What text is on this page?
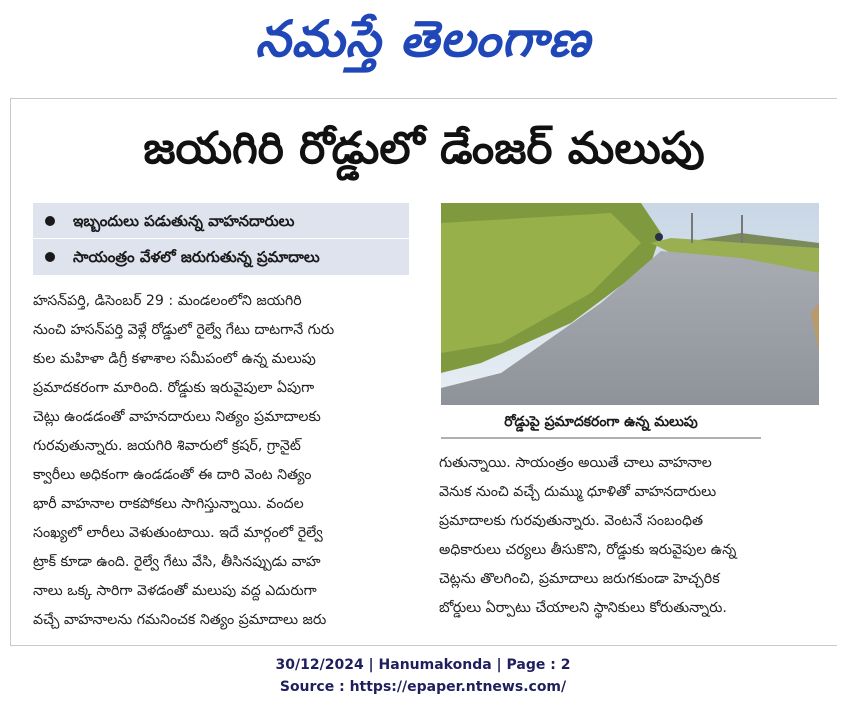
నమస్తే తెలంగాణ
జయగిరి రోడ్డులో డేంజర్ మలుపు
ఇబ్బందులు పడుతున్న వాహనదారులు
సాయంత్రం వేళలో జరుగుతున్న ప్రమాదాలు
హసన్‌పర్తి, డిసెంబర్ 29 : మండలంలోని జయగిరి
నుంచి హసన్‌పర్తి వెళ్లే రోడ్డులో రైల్వే గేటు దాటగానే గురు
కుల మహిళా డిగ్రీ కళాశాల సమీపంలో ఉన్న మలుపు
ప్రమాదకరంగా మారింది. రోడ్డుకు ఇరువైపులా ఏపుగా
చెట్లు ఉండడంతో వాహనదారులు నిత్యం ప్రమాదాలకు
గురవుతున్నారు. జయగిరి శివారులో క్రషర్, గ్రానైట్
క్వారీలు అధికంగా ఉండడంతో ఈ దారి వెంట నిత్యం
భారీ వాహనాల రాకపోకలు సాగిస్తున్నాయి. వందల
సంఖ్యలో లారీలు వెళుతుంటాయి. ఇదే మార్గంలో రైల్వే
ట్రాక్ కూడా ఉంది. రైల్వే గేటు వేసి, తీసినప్పుడు వాహ
నాలు ఒక్క సారిగా వెళడంతో మలుపు వద్ద ఎదురుగా
వచ్చే వాహనాలను గమనించక నిత్యం ప్రమాదాలు జరు
రోడ్డుపై ప్రమాదకరంగా ఉన్న మలుపు
గుతున్నాయి. సాయంత్రం అయితే చాలు వాహనాల
వెనుక నుంచి వచ్చే దుమ్ము ధూళితో వాహనదారులు
ప్రమాదాలకు గురవుతున్నారు. వెంటనే సంబంధిత
అధికారులు చర్యలు తీసుకొని, రోడ్డుకు ఇరువైపుల ఉన్న
చెట్లను తొలగించి, ప్రమాదాలు జరుగకుండా హెచ్చరిక
బోర్డులు ఏర్పాటు చేయాలని స్థానికులు కోరుతున్నారు.
30/12/2024 | Hanumakonda | Page : 2
Source : https://epaper.ntnews.com/
